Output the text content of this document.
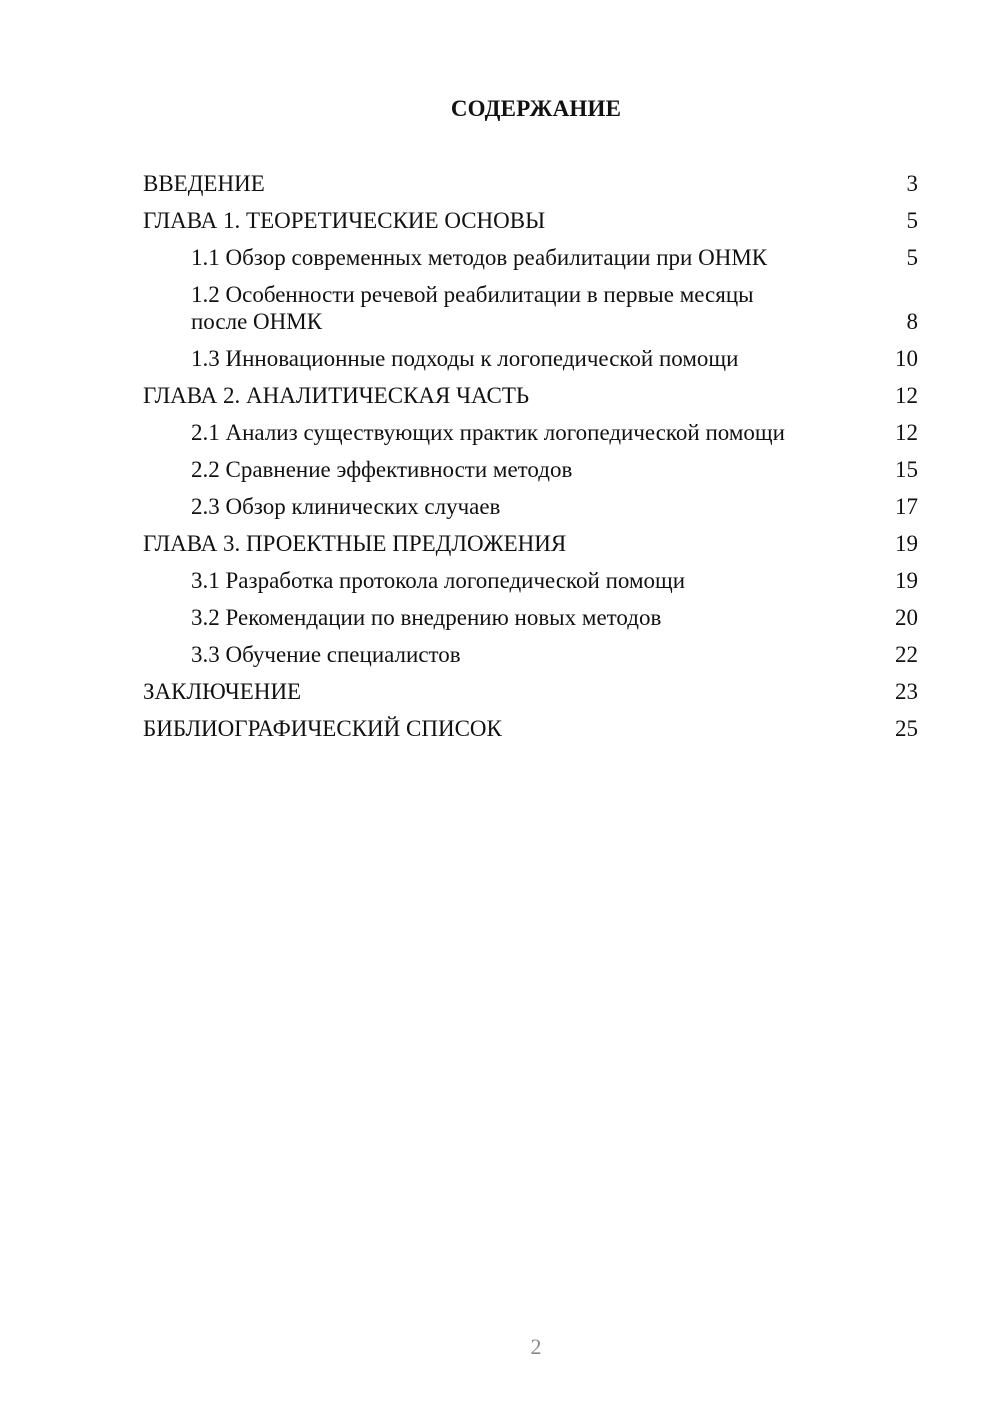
СОДЕРЖАНИЕ
ВВЕДЕНИЕ	3
ГЛАВА 1. ТЕОРЕТИЧЕСКИЕ ОСНОВЫ	5
1.1 Обзор современных методов реабилитации при ОНМК	5
1.2 Особенности речевой реабилитации в первые месяцы после ОНМК	8
1.3 Инновационные подходы к логопедической помощи	10
ГЛАВА 2. АНАЛИТИЧЕСКАЯ ЧАСТЬ	12
2.1 Анализ существующих практик логопедической помощи	12
2.2 Сравнение эффективности методов	15
2.3 Обзор клинических случаев	17
ГЛАВА 3. ПРОЕКТНЫЕ ПРЕДЛОЖЕНИЯ	19
3.1 Разработка протокола логопедической помощи	19
3.2 Рекомендации по внедрению новых методов	20
3.3 Обучение специалистов	22
ЗАКЛЮЧЕНИЕ	23
БИБЛИОГРАФИЧЕСКИЙ СПИСОК	25
2
